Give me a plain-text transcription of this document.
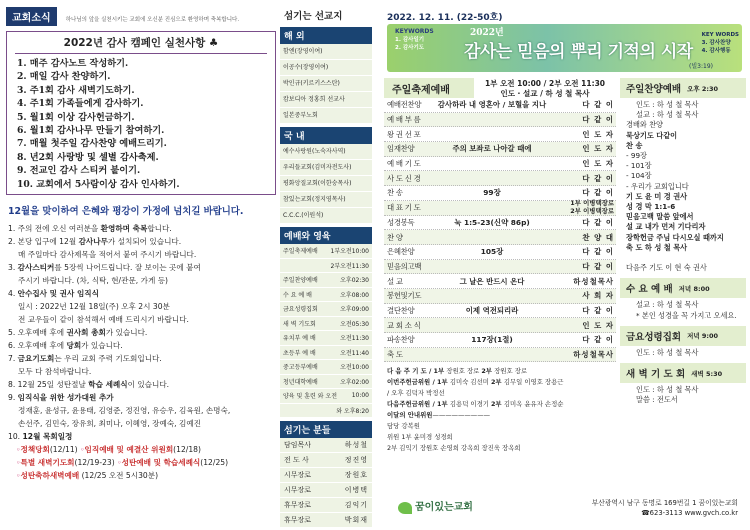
교회소식	하나님의 앞을 실천시키는 교회에 오신분 진심으로 환영하며 축복합니다.
2022년 감사 캠페인 실천사항 ♣
1. 매주 감사노트 작성하기.
2. 매일 감사 찬양하기.
3. 주1회 감사 새벽기도하기.
4. 주1회 가족들에게 감사하기.
5. 월1회 이상 감사헌금하기.
6. 월1회 감사나무 만들기 참여하기.
7. 매월 첫주일 감사찬양 예배드리기.
8. 년2회 사랑방 및 셀별 감사축제.
9. 전교인 감사 스티커 붙이기.
10. 교회에서 5사람이상 감사 인사하기.
12월을 맞이하여 은혜와 평강이 가정에 넘치길 바랍니다.
1. 주의 전에 오신 여러분을 환영하며 축복합니다.
2. 본당 입구에 12월 감사나무가 설치되어 있습니다.
매 주일마다 감사제목을 적어서 붙여 주시기 바랍니다.
3. 감사스티커를 5장씩 나어드립니다. 잘 보이는 곳에 붙여
주시기 바랍니다. (차, 식탁, 현/관문, 가게 등)
4. 안수집사 및 권사 임직식
일시 : 2022년 12월 18일(주) 오후 2시 30분
전 교우들이 같이 참석해서 예배 드리시기 바랍니다.
5. 오후예배 후에 권사회 총회가 있습니다.
6. 오후예배 후에 당회가 있습니다.
7. 금요기도회는 우리 교회 주력 기도회입니다.
모두 다 참석바랍니다.
8. 12월 25일 성탄절날 학습 세례식이 있습니다.
9. 임직식을 위한 성가대원 추가
정재훈, 윤성규, 윤용태, 김영준, 정진영, 유승우, 김육원, 손명숙,
손선주, 김민숙, 장유희, 최미나, 이혜영, 장예숙, 김예진
10. 12월 목회일정
◦정책당회(12/11) ◦임직예배 및 예결산 위원회(12/18)
◦특별 새벽기도회(12/19-23) ◦성탄예배 및 학습세례식(12/25)
◦성탄축하새벽예배 (12/25 오전 5시30분)
섬기는 선교지
해 외
함엔(장영이여)
이공수(장영이여)
박인규(키르키스스탄)
캄보디아 정홍희 선교사
일본중부노회
국 내
예수사랑원(노숙자사역)
우리들교회(김미자전도사)
평화앙질교회(이한숭목사)
참있는교회(정지영목사)
C.C.C.(이원석)
예배와 영육
주일축제예배	1부오전10:00
2부오전11:30
주일찬양예배	오후02:30
수 요 예 배	오후08:00
금요성령집회	오후09:00
새 벽 기도회	오전05:30
유치부 예 배	오전11:30
초등부 예 배	오전11:40
중고등부예배	오전10:00
청년대학예배	오후02:00
양육 및 훈련 와 오전	10:00
와 오후8:20
섬기는 분들
담임목사	하성철
전 도 사	정진영
시무장로	장원호
시무장로	이병택
휴무장로	김익기
휴무장로	박회재
2022. 12. 11. (22-50호)
KEYWORDS
1. 감사일기
2. 감사기도
2022년
감사는 믿음의 뿌리 기적의 시작
(빌3:19)
KEY WORDS
3. 감사찬양
4. 감사행동
주일축제예배
1부 오전 10:00 / 2부 오전 11:30
인도 · 설교 / 하 성 철 목사
예배전찬양	감사하라 내 영혼아 / 보혈을 지나	다 같 이
예 배 부 름	다 같 이
왕 권 선 포	인 도 자
임재찬양	주의 보좌로 나아갈 때에	인 도 자
예 배 기 도	인 도 자
사 도 신 경	다 같 이
찬 송	99장	다 같 이
대 표 기 도	1부 이병택장로
2부 이병택장로
성경봉독	눅 1:5-23(신약 86p)	다 같 이
찬 양	찬 양 대
은혜찬양	105장	다 같 이
믿음의고백	다 같 이
설 교	그 날은 반드시 온다	하성철목사
봉헌및기도	사 회 자
결단찬양	이제 역전되리라	다 같 이
교 회 소 식	인 도 자
파송찬양	117장(1절)	다 같 이
축 도	하성철목사
다 음 주 기 도 / 1부 장원호 장로 2부 장원호 장로
이번주헌금위원 / 1부 김미숙 김선미 2부 김무일 이영호 장용근
/ 오후 김덕자 박정선
다음주헌금위원 / 1부 김용덕 이경기 2부 김미옥 윤유자 손정순
이달의 안내위원—————————
담당 강복원
위원 1부 윤미경 성경희
2부 김익기 장원호 손영희 강옥희 장진욱 장옥희
주일찬양예배 오후 2:30
인도 : 하 성 철 목사
설교 : 하 성 철 목사
경배와 찬양
묵상기도 다같이
찬 송
- 99장
- 101장
- 104장
- 우리가 교회입니다
기 도 윤 미 경 권사
성 경 막 1:1-6
믿음고백 말씀 앞에서
설 교 내가 먼저 기다리자
장학헌금 주님 다시오실 때까지
축 도 하 성 철 목사

다음주 기도 이 현 숙 권사
수 요 예 배 저녁 8:00
설교 : 하 성 철 목사
* 본인 성경을 꼭 가지고 오세요.
금요성령집회 저녁 9:00
인도 : 하 성 철 목사
새 벽 기 도 회 새벽 5:30
인도 : 하 성 철 목사
말씀 : 전도서
꿈이있는교회	부산광역시 남구 동명로 169번길 1 꿈이있는교회
☎623-3113 www.gvch.co.kr
